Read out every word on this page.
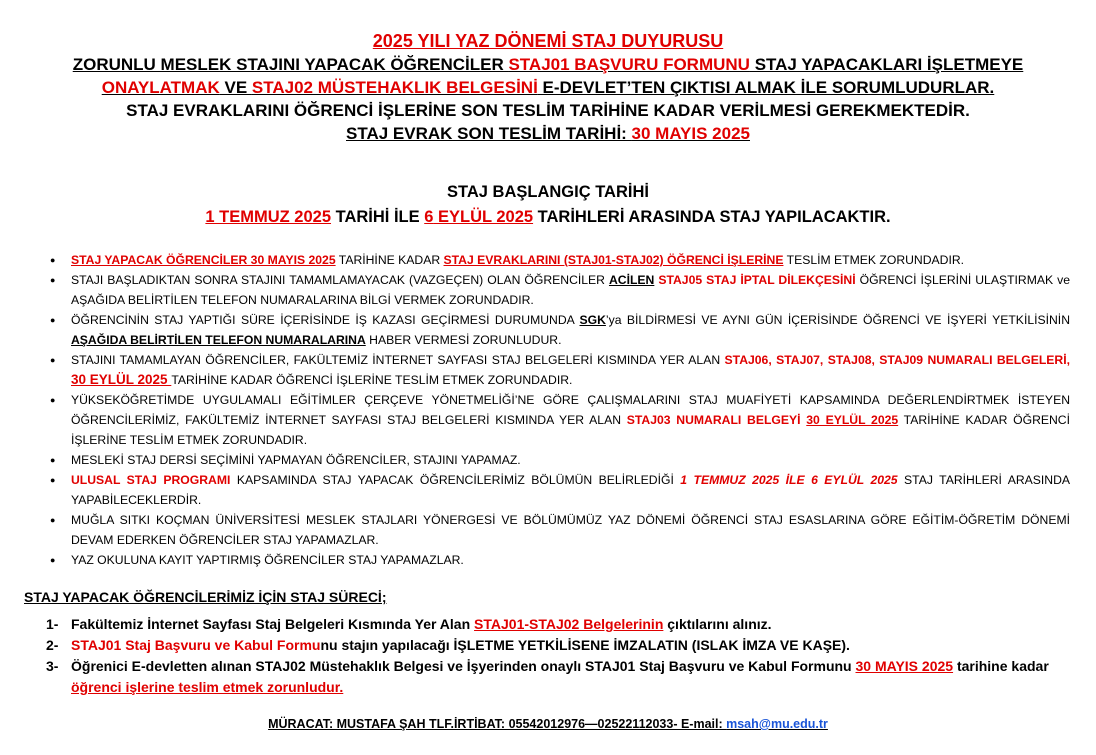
2025 YILI YAZ DÖNEMİ STAJ DUYURUSU
ZORUNLU MESLEK STAJINI YAPACAK ÖĞRENCİLER STAJ01 BAŞVURU FORMUNU STAJ YAPACAKLARI İŞLETMEYE
ONAYLATMAK VE STAJ02 MÜSTEHAKLIK BELGESİNİ E-DEVLET’TEN ÇIKTISI ALMAK İLE SORUMLUDURLAR.
STAJ EVRAKLARINI ÖĞRENCİ İŞLERİNE SON TESLİM TARİHİNE KADAR VERİLMESİ GEREKMEKTEDİR.
STAJ EVRAK SON TESLİM TARİHİ: 30 MAYIS 2025
STAJ BAŞLANGIÇ TARİHİ
1 TEMMUZ 2025 TARİHİ İLE 6 EYLÜL 2025 TARİHLERİ ARASINDA STAJ YAPILACAKTIR.
● STAJ YAPACAK ÖĞRENCİLER 30 MAYIS 2025 TARİHİNE KADAR STAJ EVRAKLARINI (STAJ01-STAJ02) ÖĞRENCİ İŞLERİNE TESLİM ETMEK ZORUNDADIR.
● STAJI BAŞLADIKTAN SONRA STAJINI TAMAMLAMAYACAK (VAZGEÇEN) OLAN ÖĞRENCİLER ACİLEN STAJ05 STAJ İPTAL DİLEKÇESİNİ ÖĞRENCİ İŞLERİNİ ULAŞTIRMAK ve AŞAĞIDA BELİRTİLEN TELEFON NUMARALARINA BİLGİ VERMEK ZORUNDADIR.
● ÖĞRENCİNİN STAJ YAPTIĞI SÜRE İÇERİSİNDE İŞ KAZASI GEÇİRMESİ DURUMUNDA SGK’ya BİLDİRMESİ VE AYNI GÜN İÇERİSİNDE ÖĞRENCİ VE İŞYERİ YETKİLİSİNİN AŞAĞIDA BELİRTİLEN TELEFON NUMARALARINA HABER VERMESİ ZORUNLUDUR.
● STAJINI TAMAMLAYAN ÖĞRENCİLER, FAKÜLTEMİZ İNTERNET SAYFASI STAJ BELGELERİ KISMINDA YER ALAN STAJ06, STAJ07, STAJ08, STAJ09 NUMARALI BELGELERİ, 30 EYLÜL 2025 TARİHİNE KADAR ÖĞRENCİ İŞLERİNE TESLİM ETMEK ZORUNDADIR.
● YÜKSEKÖĞRETİMDE UYGULAMALI EĞİTİMLER ÇERÇEVE YÖNETMELİĞİ’NE GÖRE ÇALIŞMALARINI STAJ MUAFİYETİ KAPSAMINDA DEĞERLENDİRTMEK İSTEYEN ÖĞRENCİLERİMİZ, FAKÜLTEMİZ İNTERNET SAYFASI STAJ BELGELERİ KISMINDA YER ALAN STAJ03 NUMARALI BELGEYİ 30 EYLÜL 2025 TARİHİNE KADAR ÖĞRENCİ İŞLERİNE TESLİM ETMEK ZORUNDADIR.
● MESLEKİ STAJ DERSİ SEÇİMİNİ YAPMAYAN ÖĞRENCİLER, STAJINI YAPAMAZ.
● ULUSAL STAJ PROGRAMI KAPSAMINDA STAJ YAPACAK ÖĞRENCİLERİMİZ BÖLÜMÜN BELİRLEDİĞİ 1 TEMMUZ 2025 İLE 6 EYLÜL 2025 STAJ TARİHLERİ ARASINDA YAPABİLECEKLERDİR.
● MUĞLA SITKI KOÇMAN ÜNİVERSİTESİ MESLEK STAJLARI YÖNERGESİ VE BÖLÜMÜMÜZ YAZ DÖNEMİ ÖĞRENCİ STAJ ESASLARINA GÖRE EĞİTİM-ÖĞRETİM DÖNEMİ DEVAM EDERKEN ÖĞRENCİLER STAJ YAPAMAZLAR.
● YAZ OKULUNA KAYIT YAPTIRMIŞ ÖĞRENCİLER STAJ YAPAMAZLAR.
STAJ YAPACAK ÖĞRENCİLERİMİZ İÇİN STAJ SÜRECİ;
1- Fakültemiz İnternet Sayfası Staj Belgeleri Kısmında Yer Alan STAJ01-STAJ02 Belgelerinin çıktılarını alınız.
2- STAJ01 Staj Başvuru ve Kabul Formunu stajın yapılacağı İŞLETME YETKİLİSENE İMZALATIN (ISLAK İMZA VE KAŞE).
3- Öğrenici E-devletten alınan STAJ02 Müstehaklık Belgesi ve İşyerinden onaylı STAJ01 Staj Başvuru ve Kabul Formunu 30 MAYIS 2025 tarihine kadar öğrenci işlerine teslim etmek zorunludur.
MÜRACAT: MUSTAFA ŞAH TLF.İRTİBAT: 05542012976—02522112033- E-mail: msah@mu.edu.tr
